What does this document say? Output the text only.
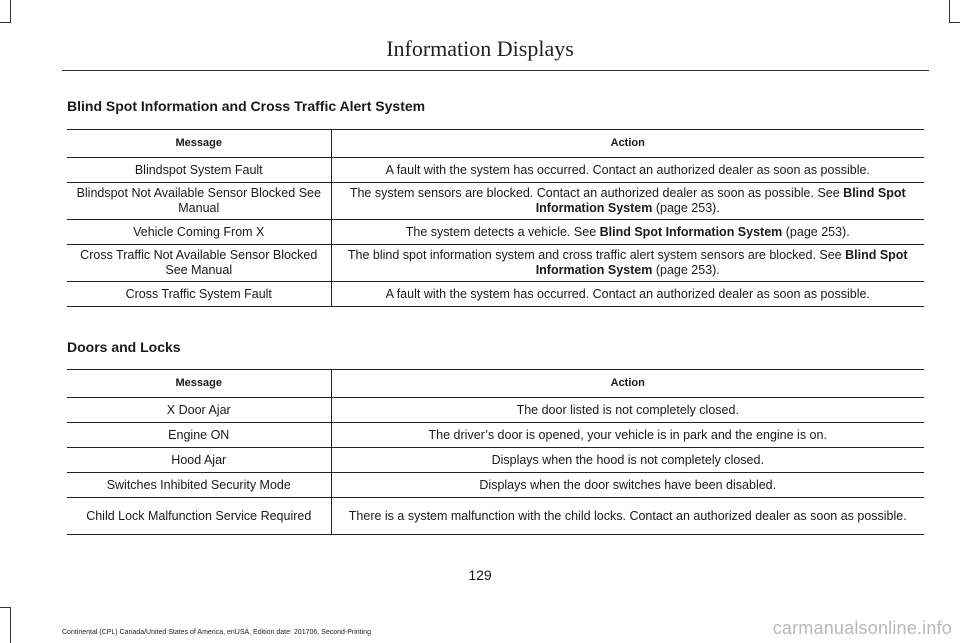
Information Displays
Blind Spot Information and Cross Traffic Alert System
Message	Action
Blindspot System Fault	A fault with the system has occurred. Contact an authorized dealer as soon as possible.
Blindspot Not Available Sensor Blocked See Manual	The system sensors are blocked. Contact an authorized dealer as soon as possible. See Blind Spot Information System (page 253).
Vehicle Coming From X	The system detects a vehicle. See Blind Spot Information System (page 253).
Cross Traffic Not Available Sensor Blocked See Manual	The blind spot information system and cross traffic alert system sensors are blocked. See Blind Spot Information System (page 253).
Cross Traffic System Fault	A fault with the system has occurred. Contact an authorized dealer as soon as possible.
Doors and Locks
Message	Action
X Door Ajar	The door listed is not completely closed.
Engine ON	The driver’s door is opened, your vehicle is in park and the engine is on.
Hood Ajar	Displays when the hood is not completely closed.
Switches Inhibited Security Mode	Displays when the door switches have been disabled.
Child Lock Malfunction Service Required	There is a system malfunction with the child locks. Contact an authorized dealer as soon as possible.
129
Continental (CPL) Canada/United States of America, enUSA, Edition date: 201706, Second-Printing	carmanualsonline.info
